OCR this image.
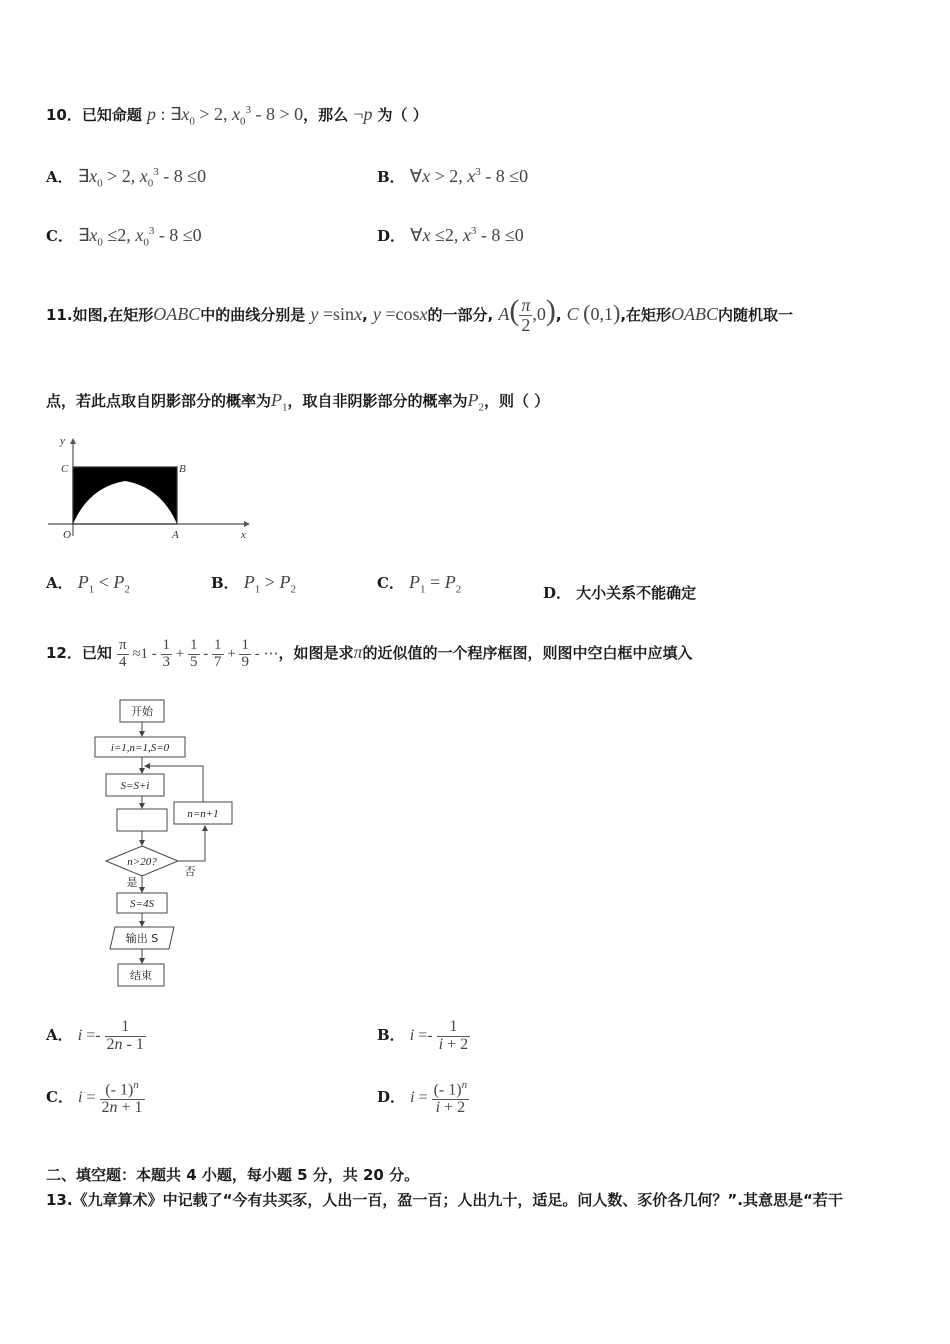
10．已知命题 p : $\exists x_0 > 2$, $x_0^3 - 8 > 0$，那么 ¬p 为（ ）
A． $\exists x_0 > 2$, $x_0^3 - 8 \le 0$	B． ∀x > 2, $x^3 - 8 \le 0$
C． $\exists x_0 \le 2$, $x_0^3 - 8 \le 0$	D． ∀x ≤2, $x^3 - 8 \le 0$
11.如图,在矩形OABC中的曲线分别是 y =sinx, y =cosx的一部分, $A( \frac{\pi}{2} ,0)$, C (0,1),在矩形OABC内随机取一
点，若此点取自阴影部分的概率为$P_1$，取自非阴影部分的概率为$P_2$，则（ ）
y
x
O	A
B
C
A． $P_1 < P_2$	B． $P_1 > P_2$	C． $P_1 = P_2$	D． 大小关系不能确定
12．已知 $\frac{\pi}{4} \approx 1 - \frac{1}{3} + \frac{1}{5} - \frac{1}{7} + \frac{1}{9}$ - ⋯，如图是求π的近似值的一个程序框图，则图中空白框中应填入
开始
i=1,n=1,S=0
S=S+i
n>20?
n=n+1
否
是
S=4S
输出 S
结束
A． $i =- \frac{1}{2n - 1}$	B． $i =- \frac{1}{i + 2}$
C． $i = \frac{(- 1)^n}{2n + 1}$	D． $i = \frac{(- 1)^n}{i + 2}$
二、填空题：本题共 4 小题，每小题 5 分，共 20 分。
13.《九章算术》中记载了“今有共买豕，人出一百，盈一百；人出九十，适足。问人数、豕价各几何？”.其意思是“若干
